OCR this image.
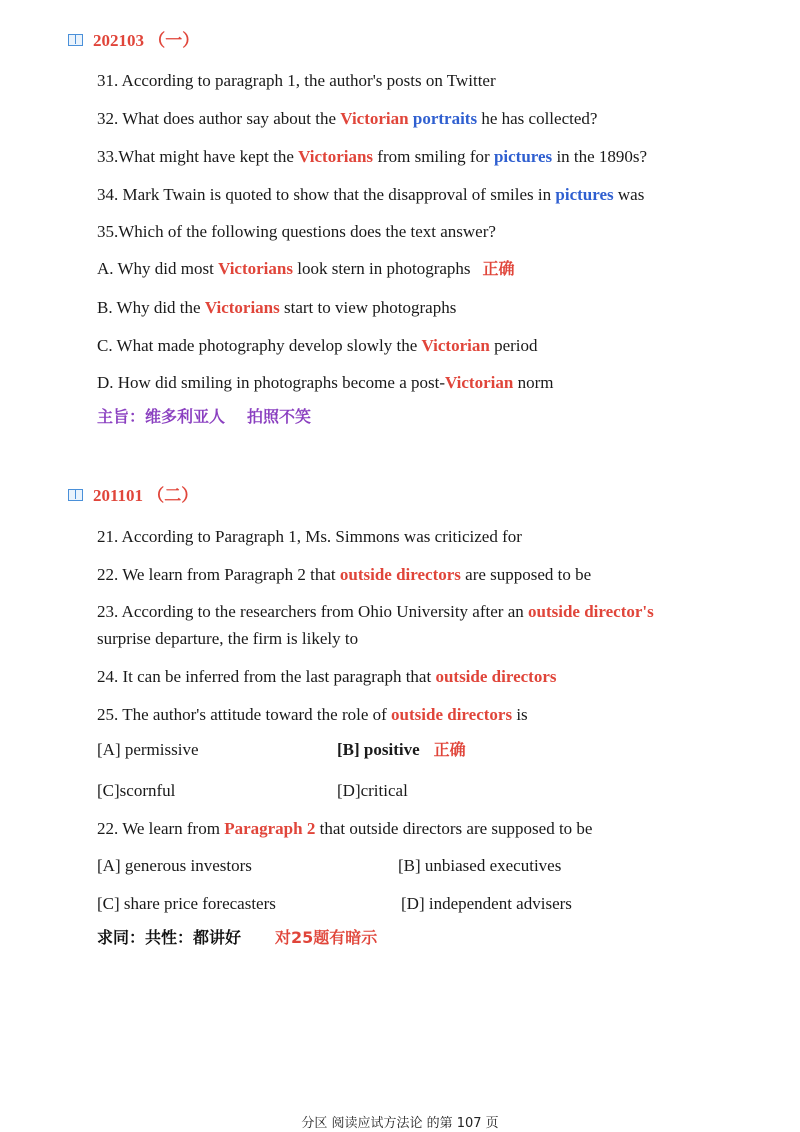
202103 （一）
31. According to paragraph 1, the author's posts on Twitter
32. What does author say about the Victorian portraits he has collected?
33.What might have kept the Victorians from smiling for pictures in the 1890s?
34. Mark Twain is quoted to show that the disapproval of smiles in pictures was
35.Which of the following questions does the text answer?
A. Why did most Victorians look stern in photographs 正确
B. Why did the Victorians start to view photographs
C. What made photography develop slowly the Victorian period
D. How did smiling in photographs become a post-Victorian norm
主旨：维多利亚人 拍照不笑
201101 （二）
21. According to Paragraph 1, Ms. Simmons was criticized for
22. We learn from Paragraph 2 that outside directors are supposed to be
23. According to the researchers from Ohio University after an outside director's
surprise departure, the firm is likely to
24. It can be inferred from the last paragraph that outside directors
25. The author's attitude toward the role of outside directors is
[A] permissive	[B] positive 正确
[C]scornful	[D]critical
22. We learn from Paragraph 2 that outside directors are supposed to be
[A] generous investors	[B] unbiased executives
[C] share price forecasters	[D] independent advisers
求同：共性：都讲好 对25题有暗示
分区 阅读应试方法论 的第 107 页
